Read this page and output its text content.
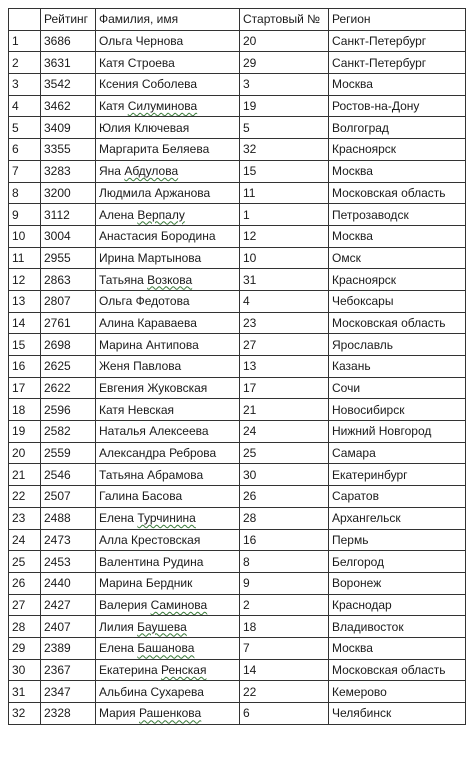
	Рейтинг	Фамилия, имя	Стартовый №	Регион
1	3686	Ольга Чернова	20	Санкт-Петербург
2	3631	Катя Строева	29	Санкт-Петербург
3	3542	Ксения Соболева	3	Москва
4	3462	Катя Силуминова	19	Ростов-на-Дону
5	3409	Юлия Ключевая	5	Волгоград
6	3355	Маргарита Беляева	32	Красноярск
7	3283	Яна Абдулова	15	Москва
8	3200	Людмила Аржанова	11	Московская область
9	3112	Алена Верпалу	1	Петрозаводск
10	3004	Анастасия Бородина	12	Москва
11	2955	Ирина Мартынова	10	Омск
12	2863	Татьяна Возкова	31	Красноярск
13	2807	Ольга Федотова	4	Чебоксары
14	2761	Алина Караваева	23	Московская область
15	2698	Марина Антипова	27	Ярославль
16	2625	Женя Павлова	13	Казань
17	2622	Евгения Жуковская	17	Сочи
18	2596	Катя Невская	21	Новосибирск
19	2582	Наталья Алексеева	24	Нижний Новгород
20	2559	Александра Реброва	25	Самара
21	2546	Татьяна Абрамова	30	Екатеринбург
22	2507	Галина Басова	26	Саратов
23	2488	Елена Турчинина	28	Архангельск
24	2473	Алла Крестовская	16	Пермь
25	2453	Валентина Рудина	8	Белгород
26	2440	Марина Бердник	9	Воронеж
27	2427	Валерия Саминова	2	Краснодар
28	2407	Лилия Баушева	18	Владивосток
29	2389	Елена Башанова	7	Москва
30	2367	Екатерина Ренская	14	Московская область
31	2347	Альбина Сухарева	22	Кемерово
32	2328	Мария Рашенкова	6	Челябинск
